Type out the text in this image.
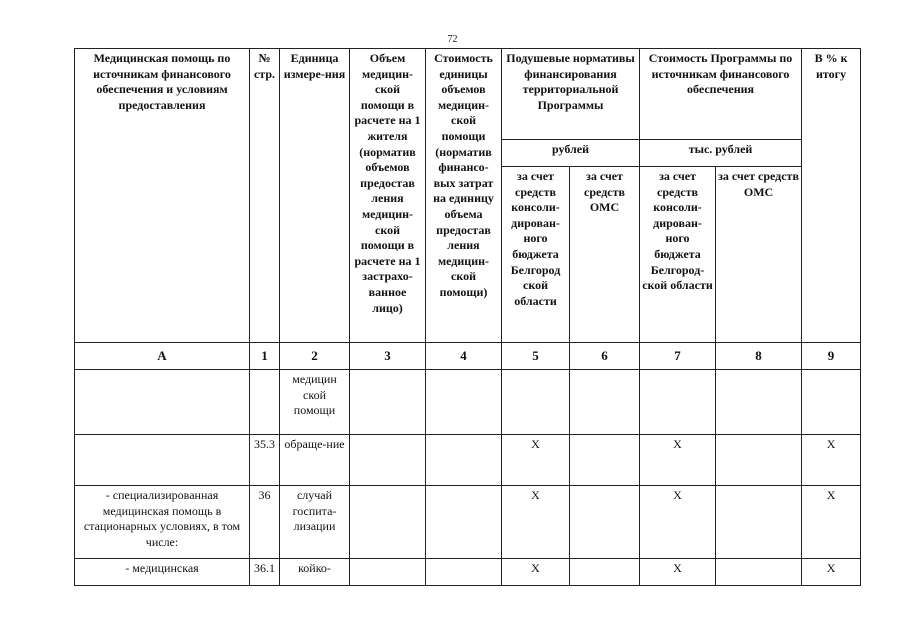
72
Медицинская помощь по источникам финансового обеспечения и условиям предоставления	№ стр.	Единица измере-ния	Объем медицин-ской помощи в расчете на 1 жителя (норматив объемов предостав ления медицин-ской помощи в расчете на 1 застрахо-ванное лицо)	Стоимость единицы объемов медицин-ской помощи (норматив финансо-вых затрат на единицу объема предостав ления медицин-ской помощи)	Подушевые нормативы финансирования территориальной Программы		Стоимость Программы по источникам финансового обеспечения		В % к итогу
					рублей		тыс. рублей		
					за счет средств консоли-дирован-ного бюджета Белгород ской области	за счет средств ОМС	за счет средств консоли-дирован-ного бюджета Белгород-ской области	за счет средств ОМС	
А	1	2	3	4	5	6	7	8	9
		медицин ской помощи							
	35.3	обраще-ние			Х		Х		Х
- специализированная медицинская помощь в стационарных условиях, в том числе:	36	случай госпита-лизации			Х		Х		Х
- медицинская	36.1	койко-			Х		Х		Х
